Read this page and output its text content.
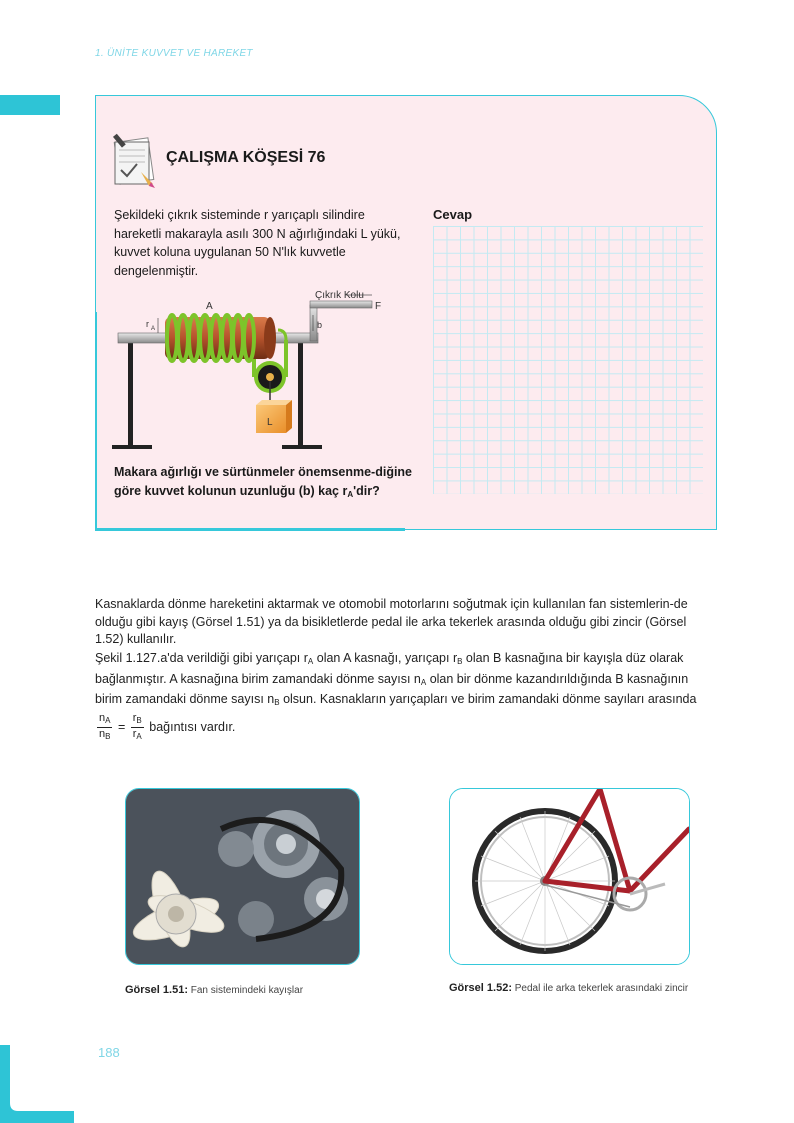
1. ÜNİTE KUVVET VE HAREKET
ÇALIŞMA KÖŞESİ 76
Şekildeki çıkrık sisteminde r yarıçaplı silindire hareketli makarayla asılı 300 N ağırlığındaki L yükü, kuvvet koluna uygulanan 50 N'lık kuvvetle dengelenmiştir.
Cevap
Çıkrık Kolu
F
b
A
r A
L
Makara ağırlığı ve sürtünmeler önemsenme-diğine göre kuvvet kolunun uzunluğu (b) kaç $r_A'dir$?
Kasnaklarda dönme hareketini aktarmak ve otomobil motorlarını soğutmak için kullanılan fan sistemlerin-de olduğu gibi kayış (Görsel 1.51) ya da bisikletlerde pedal ile arka tekerlek arasında olduğu gibi zincir (Görsel 1.52) kullanılır.
Şekil 1.127.a'da verildiği gibi yarıçapı $r_A$ olan A kasnağı, yarıçapı $r_B$ olan B kasnağına bir kayışla düz olarak bağlanmıştır. A kasnağına birim zamandaki dönme sayısı $n_A$ olan bir dönme kazandırıldığında B kasnağının birim zamandaki dönme sayısı $n_B$ olsun. Kasnakların yarıçapları ve birim zamandaki dönme sayıları arasında
$\frac{n_A}{n_B} = \frac{r_B}{r_A}$ bağıntısı vardır.
Görsel 1.51: Fan sistemindeki kayışlar	Görsel 1.52: Pedal ile arka tekerlek arasındaki zincir
188
